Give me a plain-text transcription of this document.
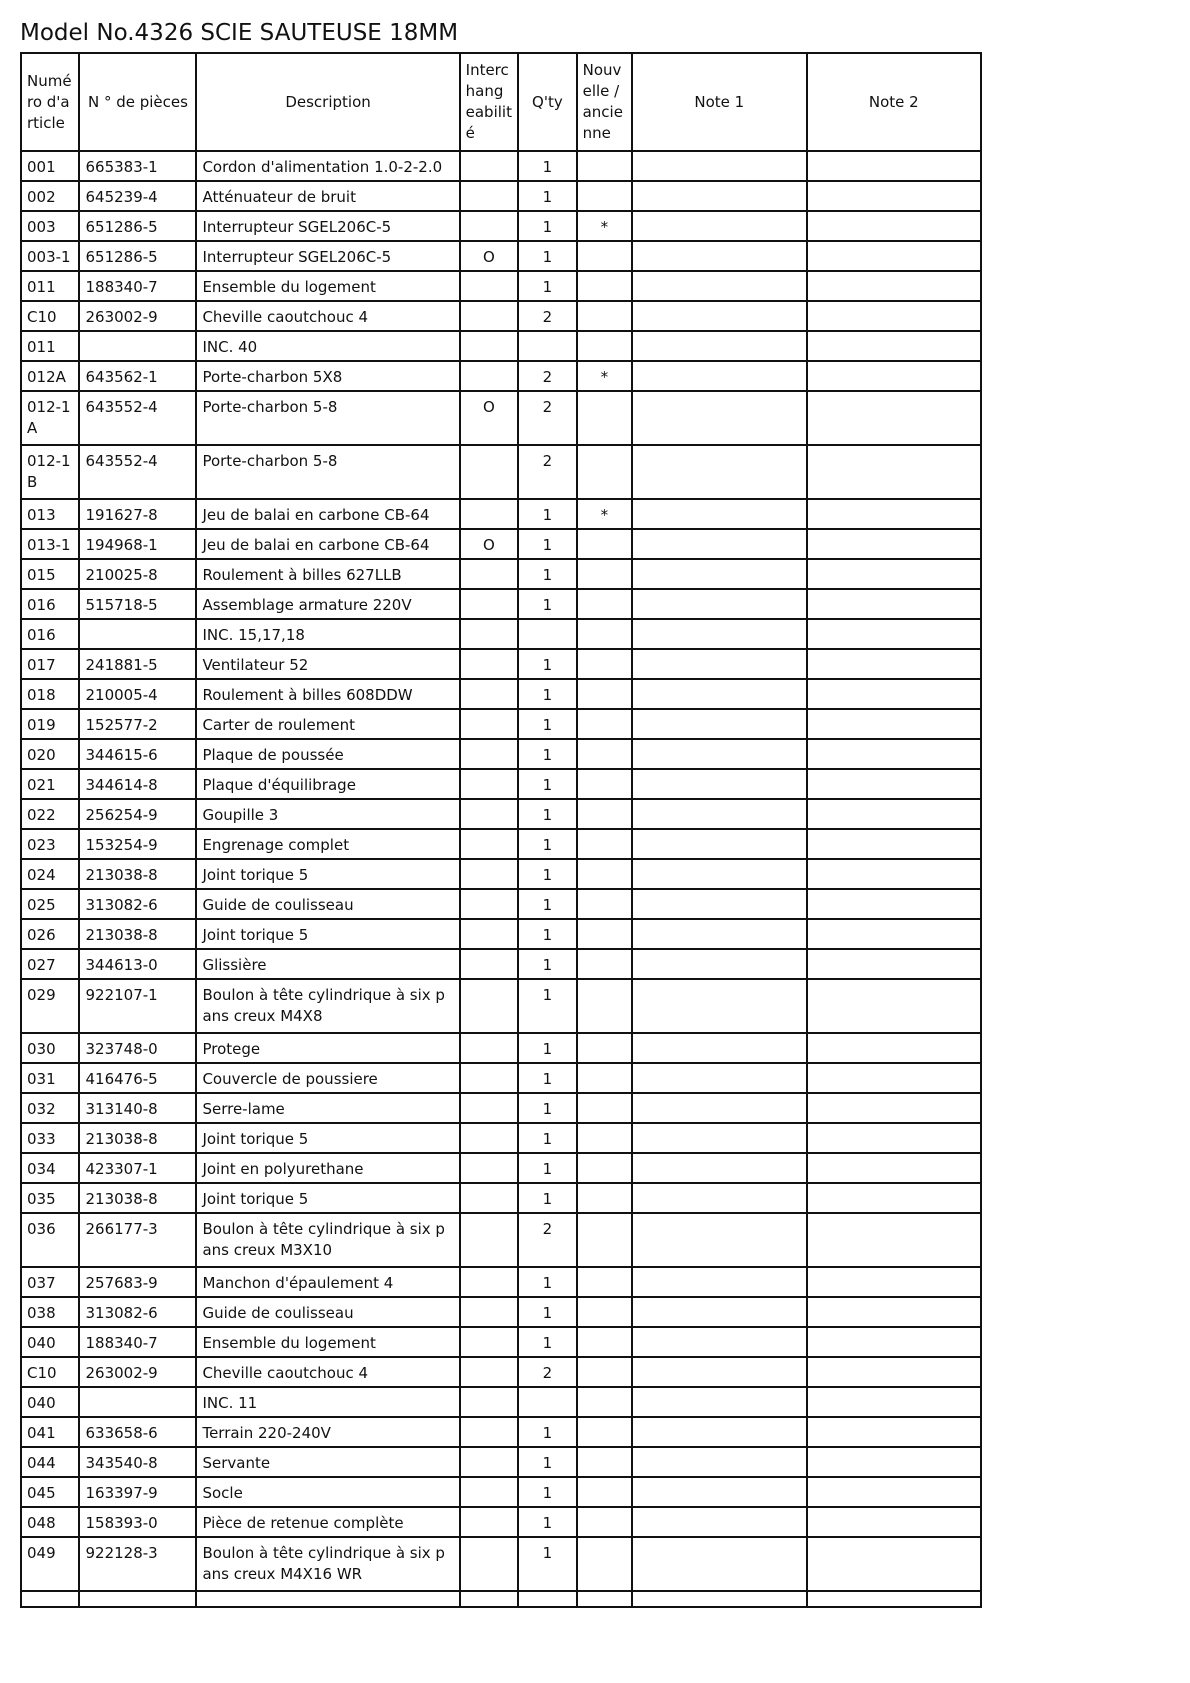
Model No.4326 SCIE SAUTEUSE 18MM
Numé ro d'a rticle	N ° de pièces	Description	Interc hang eabilit é	Q'ty	Nouv elle / ancie nne	Note 1	Note 2
001	665383-1	Cordon d'alimentation 1.0-2-2.0		1			
002	645239-4	Atténuateur de bruit		1			
003	651286-5	Interrupteur SGEL206C-5		1	*		
003-1	651286-5	Interrupteur SGEL206C-5	O	1			
011	188340-7	Ensemble du logement		1			
C10	263002-9	Cheville caoutchouc 4		2			
011		INC. 40					
012A	643562-1	Porte-charbon 5X8		2	*		
012-1A	643552-4	Porte-charbon 5-8	O	2			
012-1B	643552-4	Porte-charbon 5-8		2			
013	191627-8	Jeu de balai en carbone CB-64		1	*		
013-1	194968-1	Jeu de balai en carbone CB-64	O	1			
015	210025-8	Roulement à billes 627LLB		1			
016	515718-5	Assemblage armature 220V		1			
016		INC. 15,17,18					
017	241881-5	Ventilateur 52		1			
018	210005-4	Roulement à billes 608DDW		1			
019	152577-2	Carter de roulement		1			
020	344615-6	Plaque de poussée		1			
021	344614-8	Plaque d'équilibrage		1			
022	256254-9	Goupille 3		1			
023	153254-9	Engrenage complet		1			
024	213038-8	Joint torique 5		1			
025	313082-6	Guide de coulisseau		1			
026	213038-8	Joint torique 5		1			
027	344613-0	Glissière		1			
029	922107-1	Boulon à tête cylindrique à six pans creux M4X8		1			
030	323748-0	Protege		1			
031	416476-5	Couvercle de poussiere		1			
032	313140-8	Serre-lame		1			
033	213038-8	Joint torique 5		1			
034	423307-1	Joint en polyurethane		1			
035	213038-8	Joint torique 5		1			
036	266177-3	Boulon à tête cylindrique à six pans creux M3X10		2			
037	257683-9	Manchon d'épaulement 4		1			
038	313082-6	Guide de coulisseau		1			
040	188340-7	Ensemble du logement		1			
C10	263002-9	Cheville caoutchouc 4		2			
040		INC. 11					
041	633658-6	Terrain 220-240V		1			
044	343540-8	Servante		1			
045	163397-9	Socle		1			
048	158393-0	Pièce de retenue complète		1			
049	922128-3	Boulon à tête cylindrique à six pans creux M4X16 WR		1			
